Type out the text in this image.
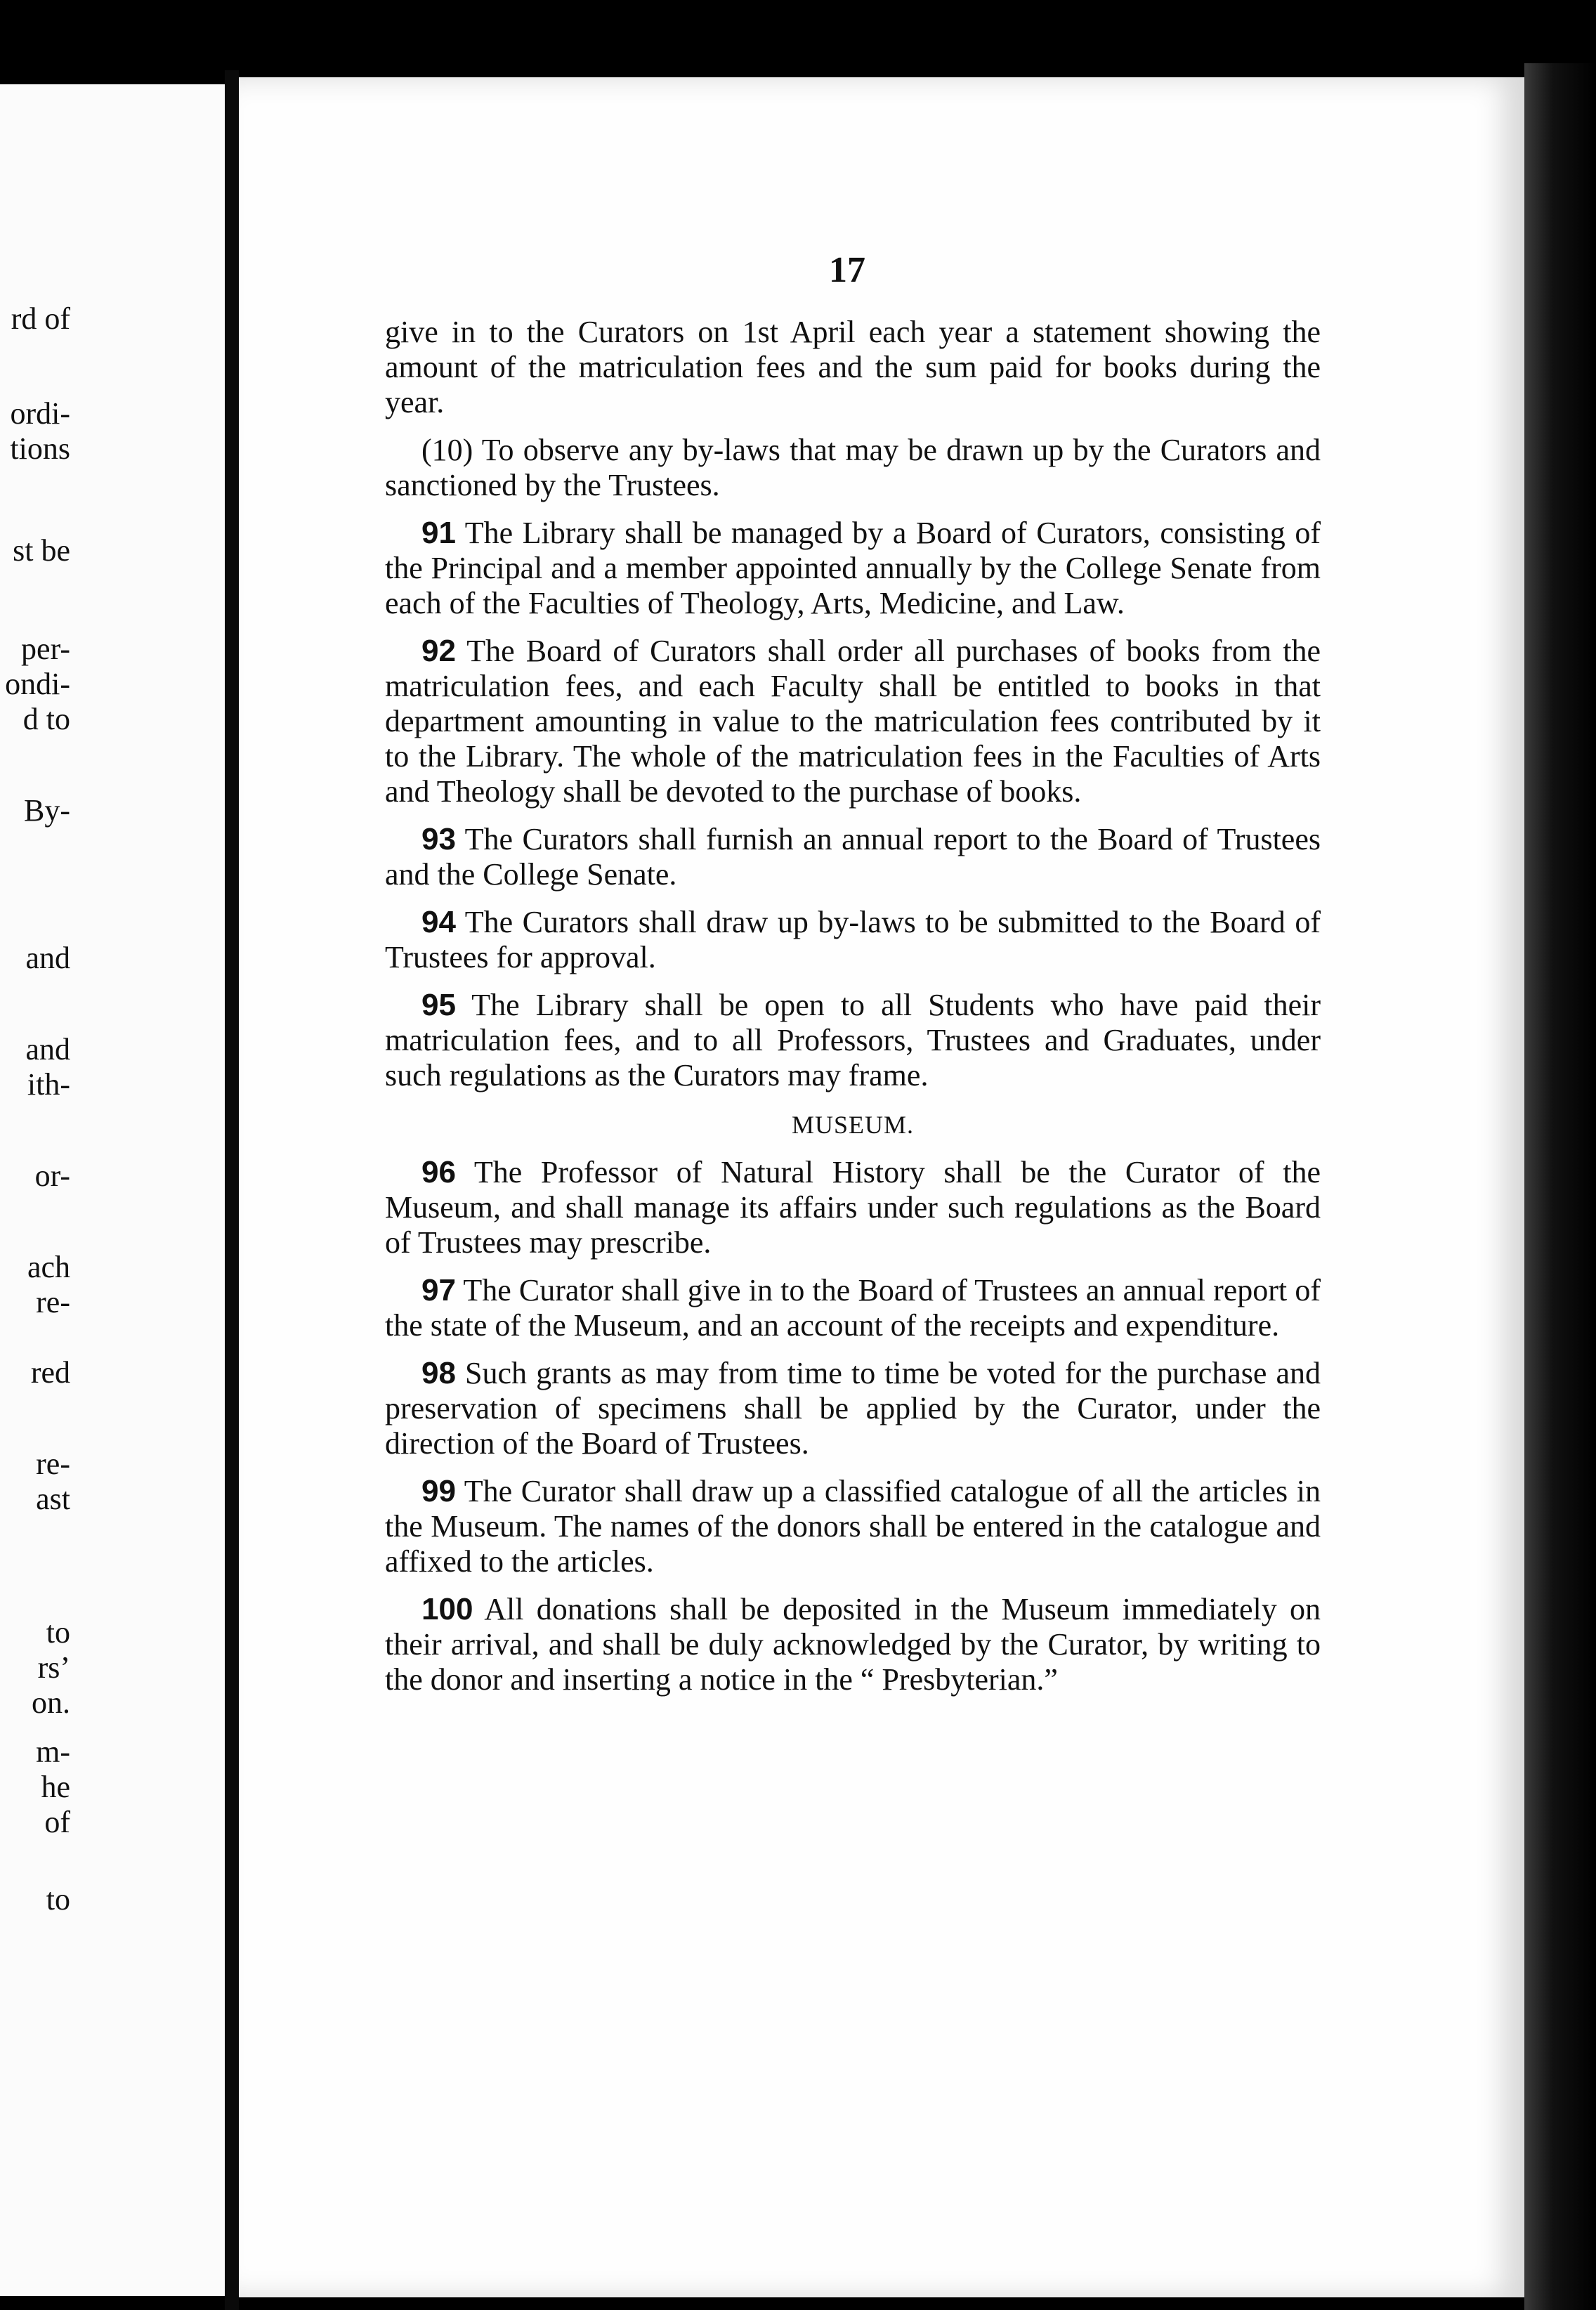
rd of
ordi-
tions
st be
per-
ondi-
d to
By-
and
and
ith-
or-
ach
re-
red
re-
ast
to
rs’
on.
m-
he
of
to
17

give in to the Curators on 1st April each year a statement showing the amount of the matriculation fees and the sum paid for books during the year.

(10) To observe any by-laws that may be drawn up by the Curators and sanctioned by the Trustees.

91 The Library shall be managed by a Board of Curators, consisting of the Principal and a member appointed annually by the College Senate from each of the Faculties of Theology, Arts, Medicine, and Law.

92 The Board of Curators shall order all purchases of books from the matriculation fees, and each Faculty shall be entitled to books in that department amounting in value to the matriculation fees contributed by it to the Library. The whole of the matriculation fees in the Faculties of Arts and Theology shall be devoted to the purchase of books.

93 The Curators shall furnish an annual report to the Board of Trustees and the College Senate.

94 The Curators shall draw up by-laws to be submitted to the Board of Trustees for approval.

95 The Library shall be open to all Students who have paid their matriculation fees, and to all Professors, Trustees and Graduates, under such regulations as the Curators may frame.

MUSEUM.

96 The Professor of Natural History shall be the Curator of the Museum, and shall manage its affairs under such regulations as the Board of Trustees may prescribe.

97 The Curator shall give in to the Board of Trustees an annual report of the state of the Museum, and an account of the receipts and expenditure.

98 Such grants as may from time to time be voted for the purchase and preservation of specimens shall be applied by the Curator, under the direction of the Board of Trustees.

99 The Curator shall draw up a classified catalogue of all the articles in the Museum. The names of the donors shall be entered in the catalogue and affixed to the articles.

100 All donations shall be deposited in the Museum immediately on their arrival, and shall be duly acknowledged by the Curator, by writing to the donor and inserting a notice in the “ Presbyterian.”
